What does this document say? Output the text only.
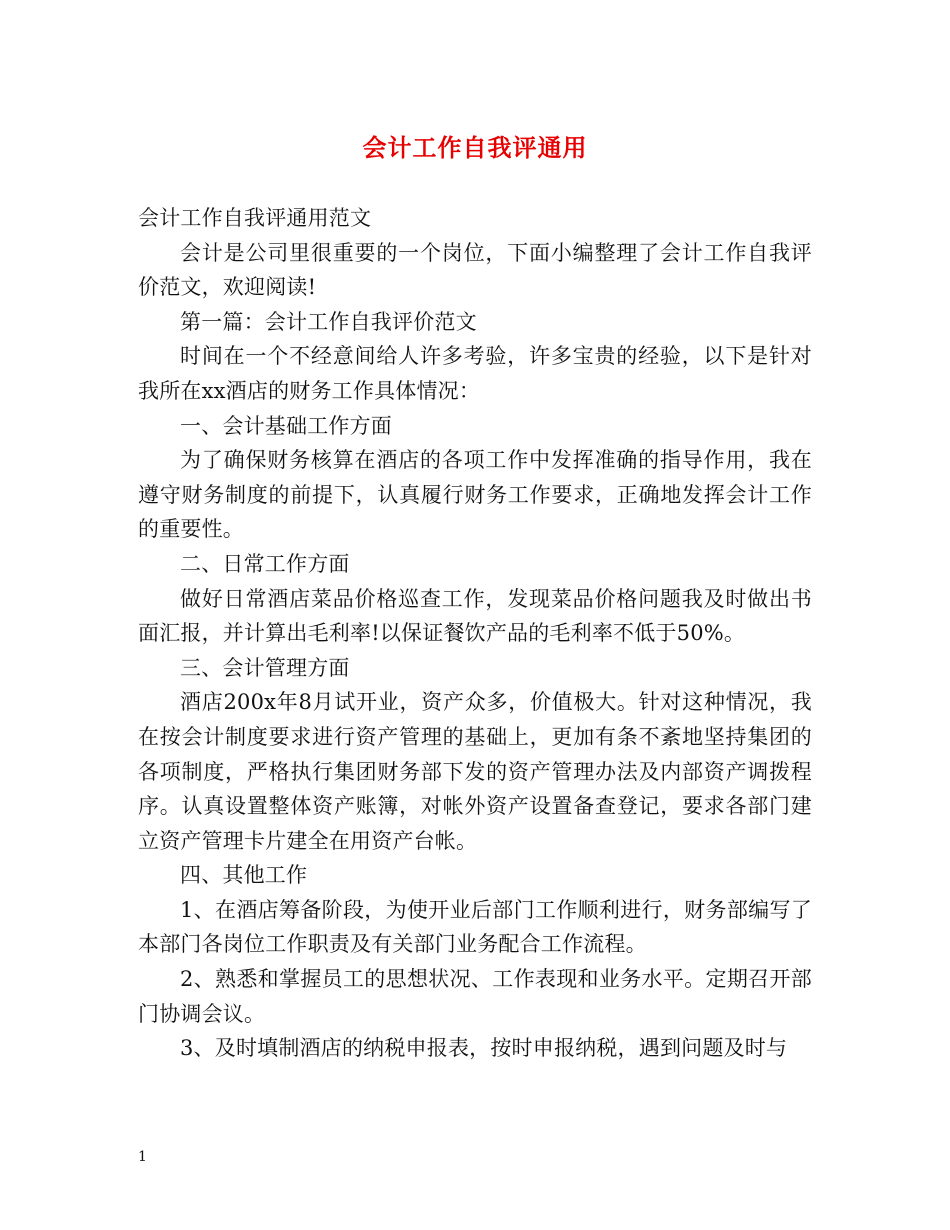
会计工作自我评通用

会计工作自我评通用范文

会计是公司里很重要的一个岗位，下面小编整理了会计工作自我评价范文，欢迎阅读!

第一篇：会计工作自我评价范文

时间在一个不经意间给人许多考验，许多宝贵的经验，以下是针对我所在xx酒店的财务工作具体情况：

一、会计基础工作方面

为了确保财务核算在酒店的各项工作中发挥准确的指导作用，我在遵守财务制度的前提下，认真履行财务工作要求，正确地发挥会计工作的重要性。

二、日常工作方面

做好日常酒店菜品价格巡查工作，发现菜品价格问题我及时做出书面汇报，并计算出毛利率!以保证餐饮产品的毛利率不低于50%。

三、会计管理方面

酒店200x年8月试开业，资产众多，价值极大。针对这种情况，我在按会计制度要求进行资产管理的基础上，更加有条不紊地坚持集团的各项制度，严格执行集团财务部下发的资产管理办法及内部资产调拨程序。认真设置整体资产账簿，对帐外资产设置备查登记，要求各部门建立资产管理卡片建全在用资产台帐。

四、其他工作

1、在酒店筹备阶段，为使开业后部门工作顺利进行，财务部编写了本部门各岗位工作职责及有关部门业务配合工作流程。

2、熟悉和掌握员工的思想状况、工作表现和业务水平。定期召开部门协调会议。

3、及时填制酒店的纳税申报表，按时申报纳税，遇到问题及时与

1
